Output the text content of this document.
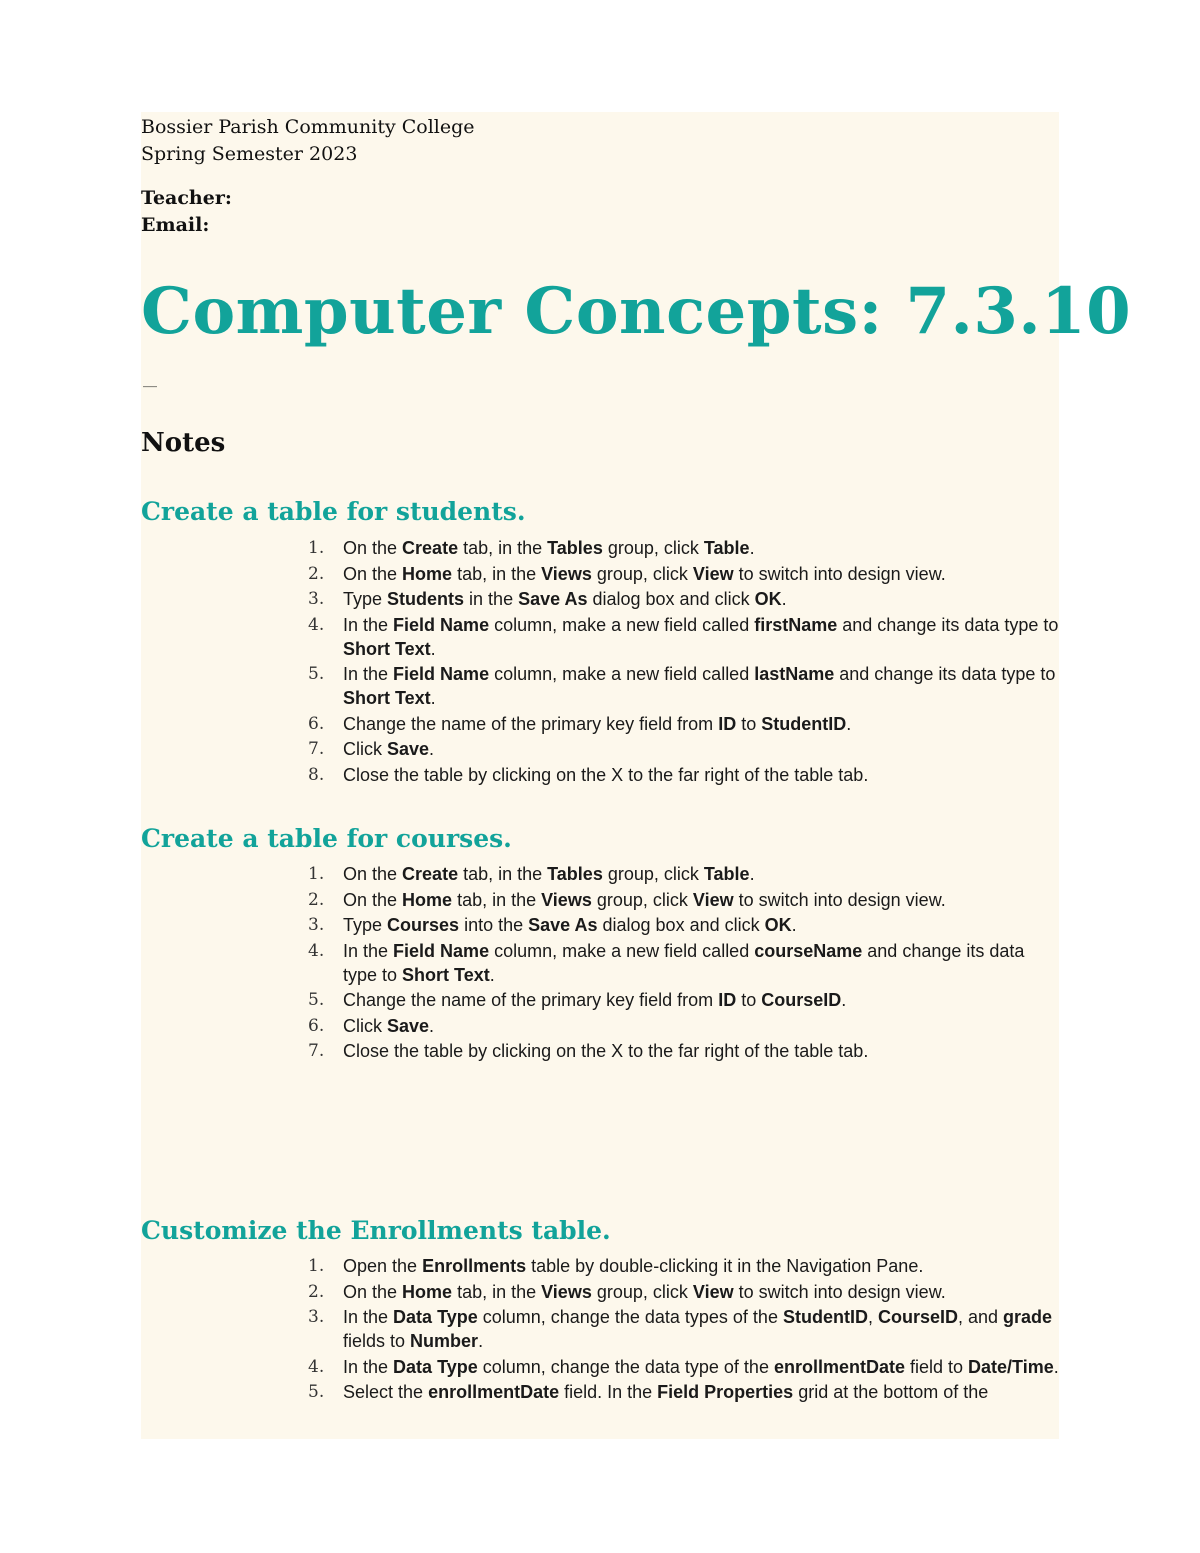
Bossier Parish Community College
Spring Semester 2023
Teacher:
Email:
Computer Concepts: 7.3.10
__
Notes
Create a table for students.
1. On the Create tab, in the Tables group, click Table.
2. On the Home tab, in the Views group, click View to switch into design view.
3. Type Students in the Save As dialog box and click OK.
4. In the Field Name column, make a new field called firstName and change its data type to Short Text.
5. In the Field Name column, make a new field called lastName and change its data type to Short Text.
6. Change the name of the primary key field from ID to StudentID.
7. Click Save.
8. Close the table by clicking on the X to the far right of the table tab.
Create a table for courses.
1. On the Create tab, in the Tables group, click Table.
2. On the Home tab, in the Views group, click View to switch into design view.
3. Type Courses into the Save As dialog box and click OK.
4. In the Field Name column, make a new field called courseName and change its data type to Short Text.
5. Change the name of the primary key field from ID to CourseID.
6. Click Save.
7. Close the table by clicking on the X to the far right of the table tab.
Customize the Enrollments table.
1. Open the Enrollments table by double-clicking it in the Navigation Pane.
2. On the Home tab, in the Views group, click View to switch into design view.
3. In the Data Type column, change the data types of the StudentID, CourseID, and grade fields to Number.
4. In the Data Type column, change the data type of the enrollmentDate field to Date/Time.
5. Select the enrollmentDate field. In the Field Properties grid at the bottom of the
